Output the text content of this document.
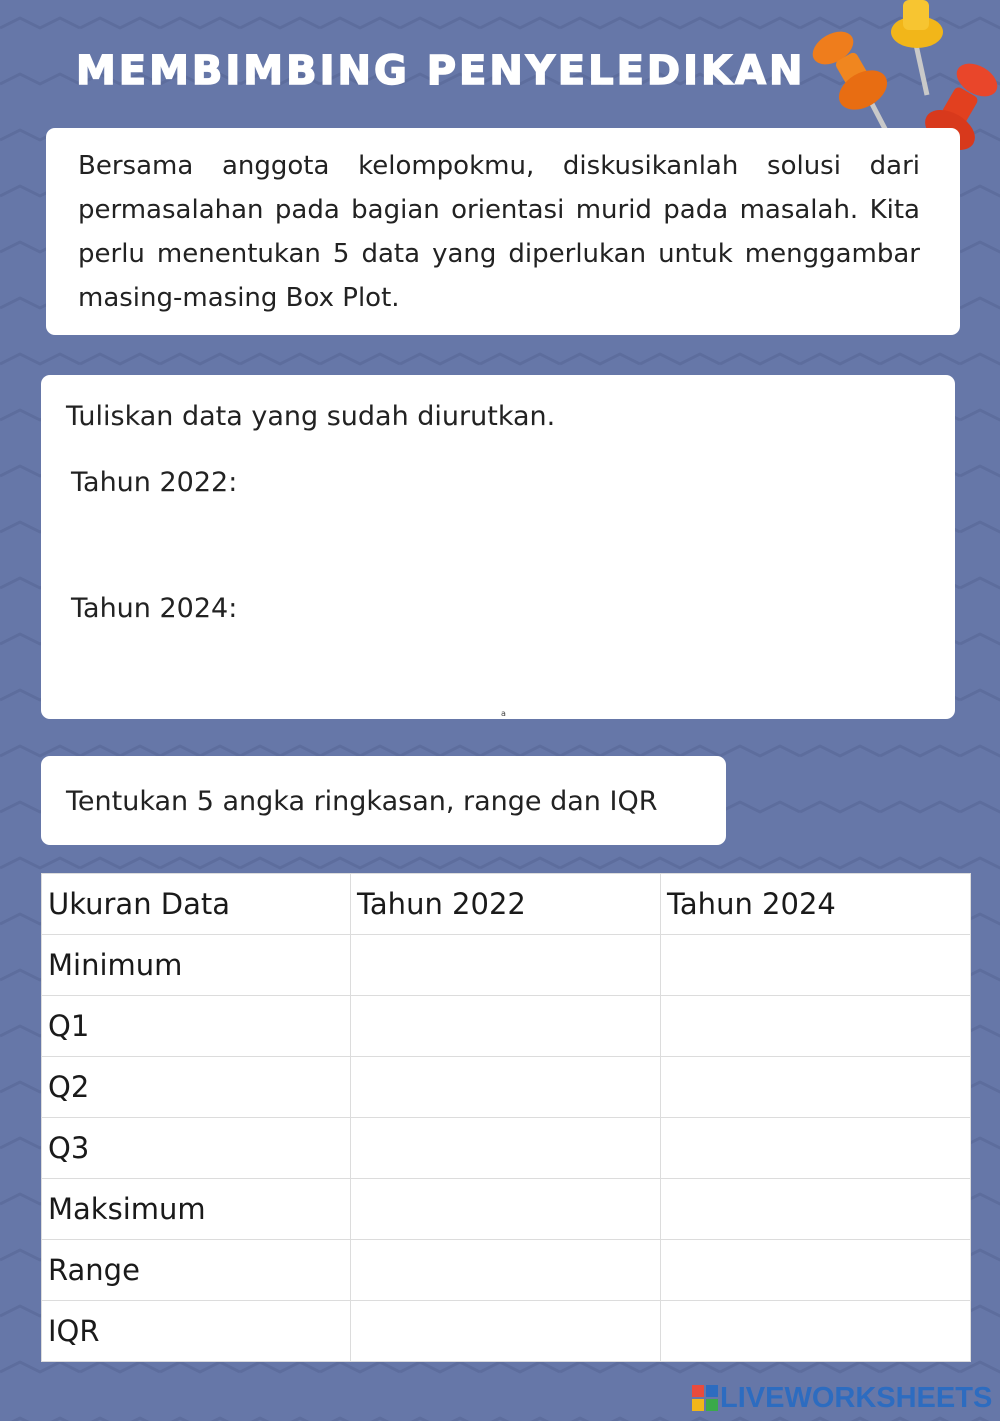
MEMBIMBING PENYELEDIKAN

Bersama anggota kelompokmu, diskusikanlah solusi dari permasalahan pada bagian orientasi murid pada masalah. Kita perlu menentukan 5 data yang diperlukan untuk menggambar masing-masing Box Plot.

Tuliskan data yang sudah diurutkan.

Tahun 2022:

Tahun 2024:

a

Tentukan 5 angka ringkasan, range dan IQR

Ukuran Data	Tahun 2022	Tahun 2024
Minimum		
Q1		
Q2		
Q3		
Maksimum		
Range		
IQR		
LIVEWORKSHEETS
